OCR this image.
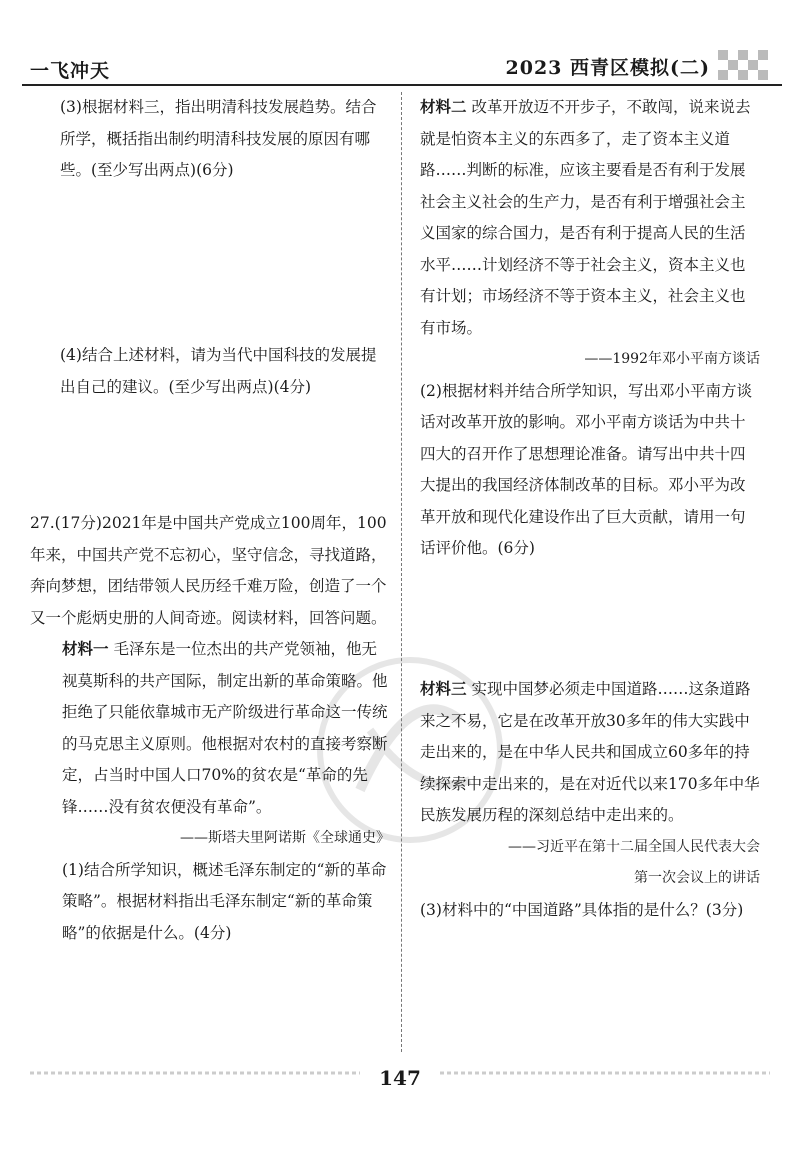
一飞冲天	2023 西青区模拟(二)

(3)根据材料三，指出明清科技发展趋势。结合所学，概括指出制约明清科技发展的原因有哪些。(至少写出两点)(6分)

(4)结合上述材料，请为当代中国科技的发展提出自己的建议。(至少写出两点)(4分)

27.(17分)2021年是中国共产党成立100周年，100年来，中国共产党不忘初心，坚守信念，寻找道路，奔向梦想，团结带领人民历经千难万险，创造了一个又一个彪炳史册的人间奇迹。阅读材料，回答问题。

材料一 毛泽东是一位杰出的共产党领袖，他无视莫斯科的共产国际，制定出新的革命策略。他拒绝了只能依靠城市无产阶级进行革命这一传统的马克思主义原则。他根据对农村的直接考察断定，占当时中国人口70%的贫农是“革命的先锋……没有贫农便没有革命”。

——斯塔夫里阿诺斯《全球通史》

(1)结合所学知识，概述毛泽东制定的“新的革命策略”。根据材料指出毛泽东制定“新的革命策略”的依据是什么。(4分)

材料二 改革开放迈不开步子，不敢闯，说来说去就是怕资本主义的东西多了，走了资本主义道路……判断的标准，应该主要看是否有利于发展社会主义社会的生产力，是否有利于增强社会主义国家的综合国力，是否有利于提高人民的生活水平……计划经济不等于社会主义，资本主义也有计划；市场经济不等于资本主义，社会主义也有市场。

——1992年邓小平南方谈话

(2)根据材料并结合所学知识，写出邓小平南方谈话对改革开放的影响。邓小平南方谈话为中共十四大的召开作了思想理论准备。请写出中共十四大提出的我国经济体制改革的目标。邓小平为改革开放和现代化建设作出了巨大贡献，请用一句话评价他。(6分)

材料三 实现中国梦必须走中国道路……这条道路来之不易，它是在改革开放30多年的伟大实践中走出来的，是在中华人民共和国成立60多年的持续探索中走出来的，是在对近代以来170多年中华民族发展历程的深刻总结中走出来的。

——习近平在第十二届全国人民代表大会

第一次会议上的讲话

(3)材料中的“中国道路”具体指的是什么？(3分)

147
